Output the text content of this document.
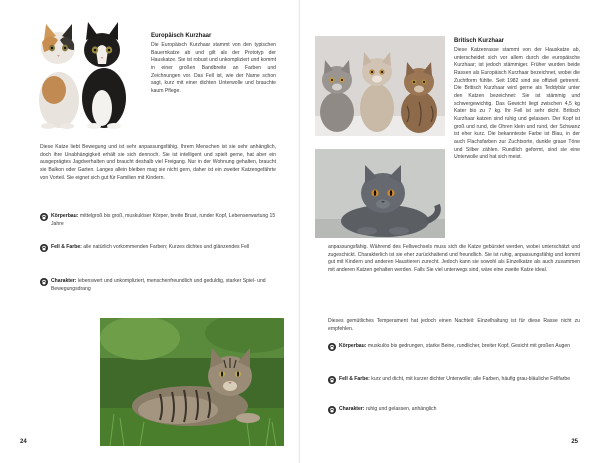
Europäisch Kurzhaar
Die Europäisch Kurzhaar stammt von den typischen Bauernkatze ab und gilt als der Prototyp der Hauskatze. Sie ist robust und unkompliziert und kommt in einer großen Bandbreite an Farben und Zeichnungen vor. Das Fell ist, wie der Name schon sagt, kurz mit einer dichten Unterwolle und brauchte kaum Pflege.
Diese Katze liebt Bewegung und ist sehr anpassungsfähig. Ihrem Menschen ist sie sehr anhänglich, doch ihre Unabhängigkeit erhält sie sich dennoch. Sie ist intelligent und spielt gerne, hat aber ein ausgeprägtes Jagdverhalten und braucht deshalb viel Freigang. Nur in der Wohnung gehalten, braucht sie Balkon oder Garten. Langes allein bleiben mag sie nicht gern, daher ist ein zweiter Katzengefährte von Vorteil. Sie eignet sich gut für Familien mit Kindern.
Körperbau: mittelgroß bis groß, muskulöser Körper, breite Brust, runder Kopf, Lebenserwartung 15 Jahre
Fell & Farbe: alle natürlich vorkommenden Farben; Kurzes dichtes und glänzendes Fell
Charakter: lebenswert und unkompliziert, menschenfreundlich und geduldig, starker Spiel- und Bewegungsdrang
24
Britisch Kurzhaar
Diese Katzenrasse stammt von der Hauskatze ab, unterscheidet sich vor allem durch die europäische Kurzhaar; ist jedoch stämmiger. Früher wurden beide Rassen als Europäisch Kurzhaar bezeichnet, wobei die Zuchtform fühlte. Seit 1982 sind sie offiziell getrennt. Die Britisch Kurzhaar wird gerne als Teddybär unter den Katzen bezeichnet: Sie ist stämmig und schwergewichtig. Das Gewicht liegt zwischen 4,5 kg Kater bis zu 7 kg. Ihr Fell ist sehr dicht. Britisch Kurzhaar katzen sind ruhig und gelassen. Der Kopf ist groß und rund, die Ohren klein und rund, der Schwanz ist eher kurz. Die bekannteste Farbe ist Blau, in der auch Flachsfarben zur Zuchtsorte, dunkle graue Töne und Silber zählen. Rundlich geformt, sind sie eine Unterwolle und hat sich meist.
anpassungsfähig. Während des Fellwechsels muss sich die Katze gebürstet werden, wobei unterschätzt und zugeschickt. Charakterlich ist sie eher zurückhaltend und freundlich. Sie ist ruhig, anpassungsfähig und kommt gut mit Kindern und anderen Haustieren zurecht. Jedoch kann sie sowohl als Einzelkatze als auch zusammen mit anderen Katzen gehalten werden. Falls Sie viel unterwegs sind, wäre eine zweite Katze ideal.
Dieses gemütliches Temperament hat jedoch einen Nachteil: Einzelhaltung ist für diese Rasse nicht zu empfehlen.
Körperbau: muskulös bis gedrungen, starke Beine, rundlicher, breiter Kopf, Gesicht mit großen Augen
Fell & Farbe: kurz und dicht, mit kurzer dichter Unterwolle; alle Farben, häufig grau-bläuliche Fellfarbe
Charakter: ruhig und gelassen, anhänglich
25
